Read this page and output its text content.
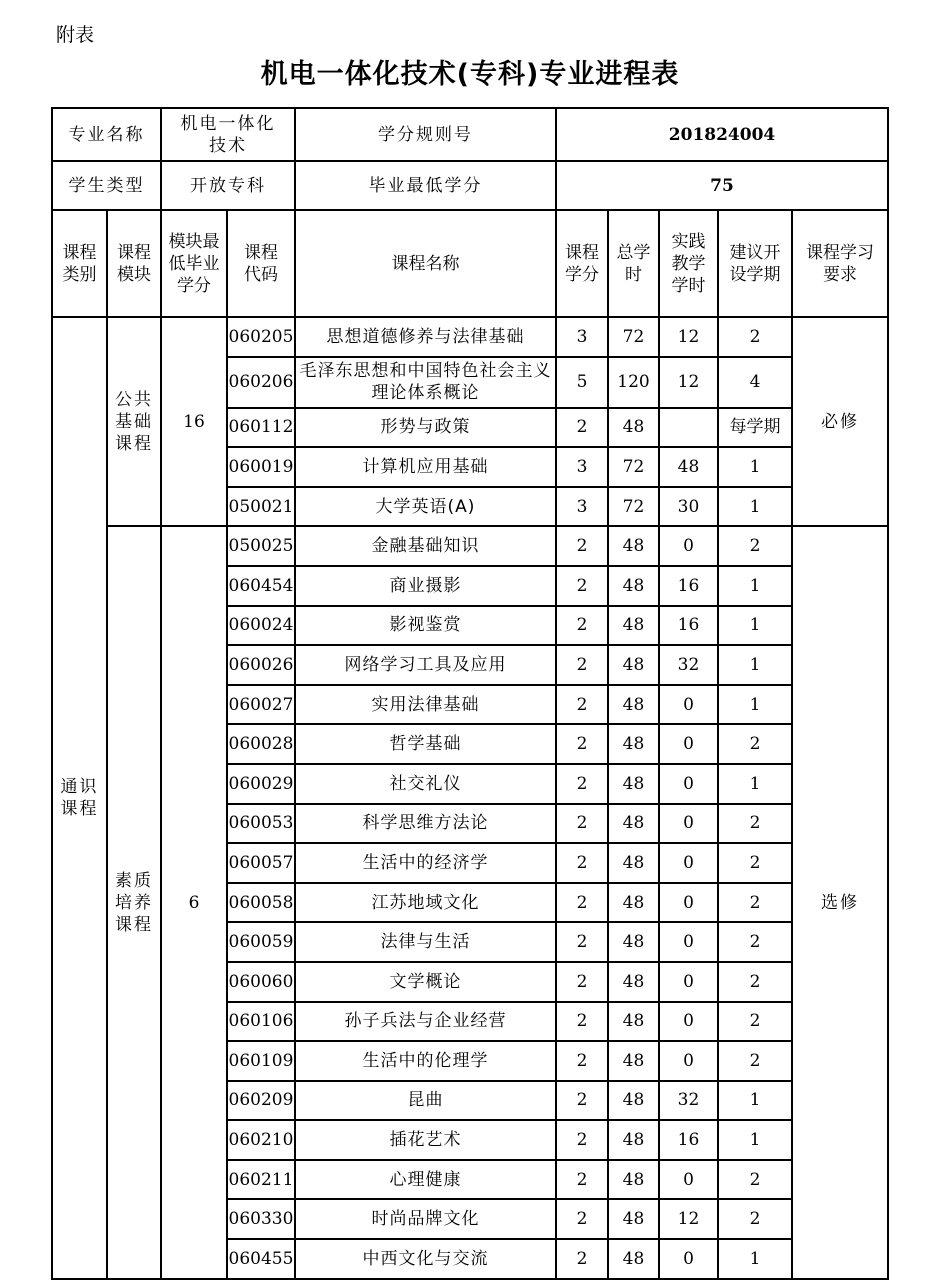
附表
机电一体化技术(专科)专业进程表
专业名称		机电一体化技术		学分规则号	201824004				
学生类型		开放专科		毕业最低学分	75				

课程类别	课程模块	模块最低毕业学分	课程代码	课程名称	课程学分	总学时	实践教学学时	建议开设学期	课程学习要求

通识课程	公共基础课程	16	060205	思想道德修养与法律基础	3	72	12	2	必修
			060206	毛泽东思想和中国特色社会主义理论体系概论	5	120	12	4	
			060112	形势与政策	2	48		每学期	
			060019	计算机应用基础	3	72	48	1	
			050021	大学英语(A)	3	72	30	1	

	素质培养课程	6	050025	金融基础知识	2	48	0	2	选修
			060454	商业摄影	2	48	16	1	
			060024	影视鉴赏	2	48	16	1	
			060026	网络学习工具及应用	2	48	32	1	
			060027	实用法律基础	2	48	0	1	
			060028	哲学基础	2	48	0	2	
			060029	社交礼仪	2	48	0	1	
			060053	科学思维方法论	2	48	0	2	
			060057	生活中的经济学	2	48	0	2	
			060058	江苏地域文化	2	48	0	2	
			060059	法律与生活	2	48	0	2	
			060060	文学概论	2	48	0	2	
			060106	孙子兵法与企业经营	2	48	0	2	
			060109	生活中的伦理学	2	48	0	2	
			060209	昆曲	2	48	32	1	
			060210	插花艺术	2	48	16	1	
			060211	心理健康	2	48	0	2	
			060330	时尚品牌文化	2	48	12	2	
			060455	中西文化与交流	2	48	0	1	
